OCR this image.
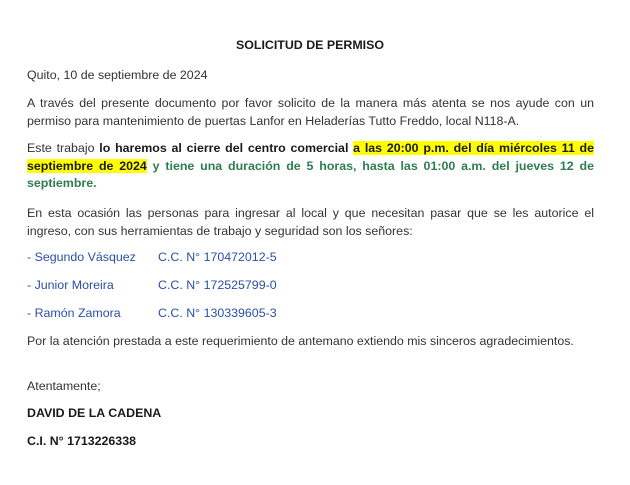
SOLICITUD DE PERMISO
Quito, 10 de septiembre de 2024
A través del presente documento por favor solicito de la manera más atenta se nos ayude con un permiso para mantenimiento de puertas Lanfor en Heladerías Tutto Freddo, local N118-A.
Este trabajo lo haremos al cierre del centro comercial a las 20:00 p.m. del día miércoles 11 de septiembre de 2024 y tiene una duración de 5 horas, hasta las 01:00 a.m. del jueves 12 de septiembre.
En esta ocasión las personas para ingresar al local y que necesitan pasar que se les autorice el ingreso, con sus herramientas de trabajo y seguridad son los señores:
- Segundo Vásquez C.C. N° 170472012-5
- Junior Moreira	C.C. N° 172525799-0
- Ramón Zamora	C.C. N° 130339605-3
Por la atención prestada a este requerimiento de antemano extiendo mis sinceros agradecimientos.
Atentamente;
DAVID DE LA CADENA
C.I. N° 1713226338
